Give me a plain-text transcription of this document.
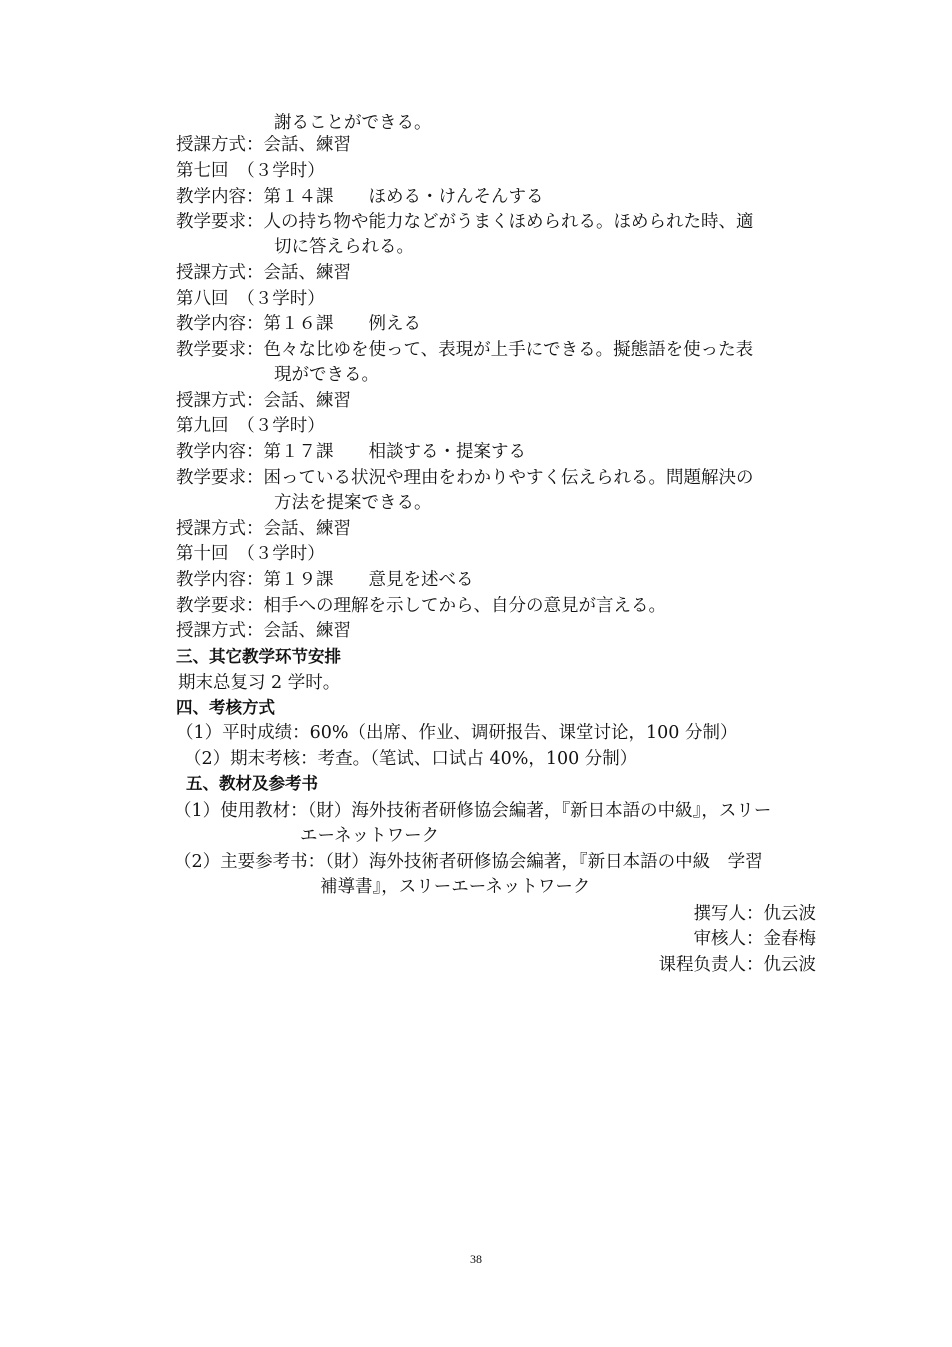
謝ることができる。
授課方式：会話、練習
第七回　（３学时）
教学内容：第１４課　　ほめる・けんそんする
教学要求：人の持ち物や能力などがうまくほめられる。ほめられた時、適
切に答えられる。
授課方式：会話、練習
第八回　（３学时）
教学内容：第１６課　　例える
教学要求：色々な比ゆを使って、表現が上手にできる。擬態語を使った表
現ができる。
授課方式：会話、練習
第九回　（３学时）
教学内容：第１７課　　相談する・提案する
教学要求：困っている状況や理由をわかりやすく伝えられる。問題解決の
方法を提案できる。
授課方式：会話、練習
第十回　（３学时）
教学内容：第１９課　　意見を述べる
教学要求：相手への理解を示してから、自分の意見が言える。
授課方式：会話、練習
三、其它教学环节安排
期末总复习 2 学时。
四、考核方式
（1）平时成绩：60%（出席、作业、调研报告、课堂讨论，100 分制）
（2）期末考核：考查。（笔试、口试占 40%，100 分制）
五、教材及参考书
（1）使用教材：（財）海外技術者研修協会編著，『新日本語の中級』，スリー
エーネットワーク
（2）主要参考书：（財）海外技術者研修協会編著，『新日本語の中級　学習
補導書』，スリーエーネットワーク
撰写人：仇云波
审核人：金春梅
课程负责人：仇云波
38
